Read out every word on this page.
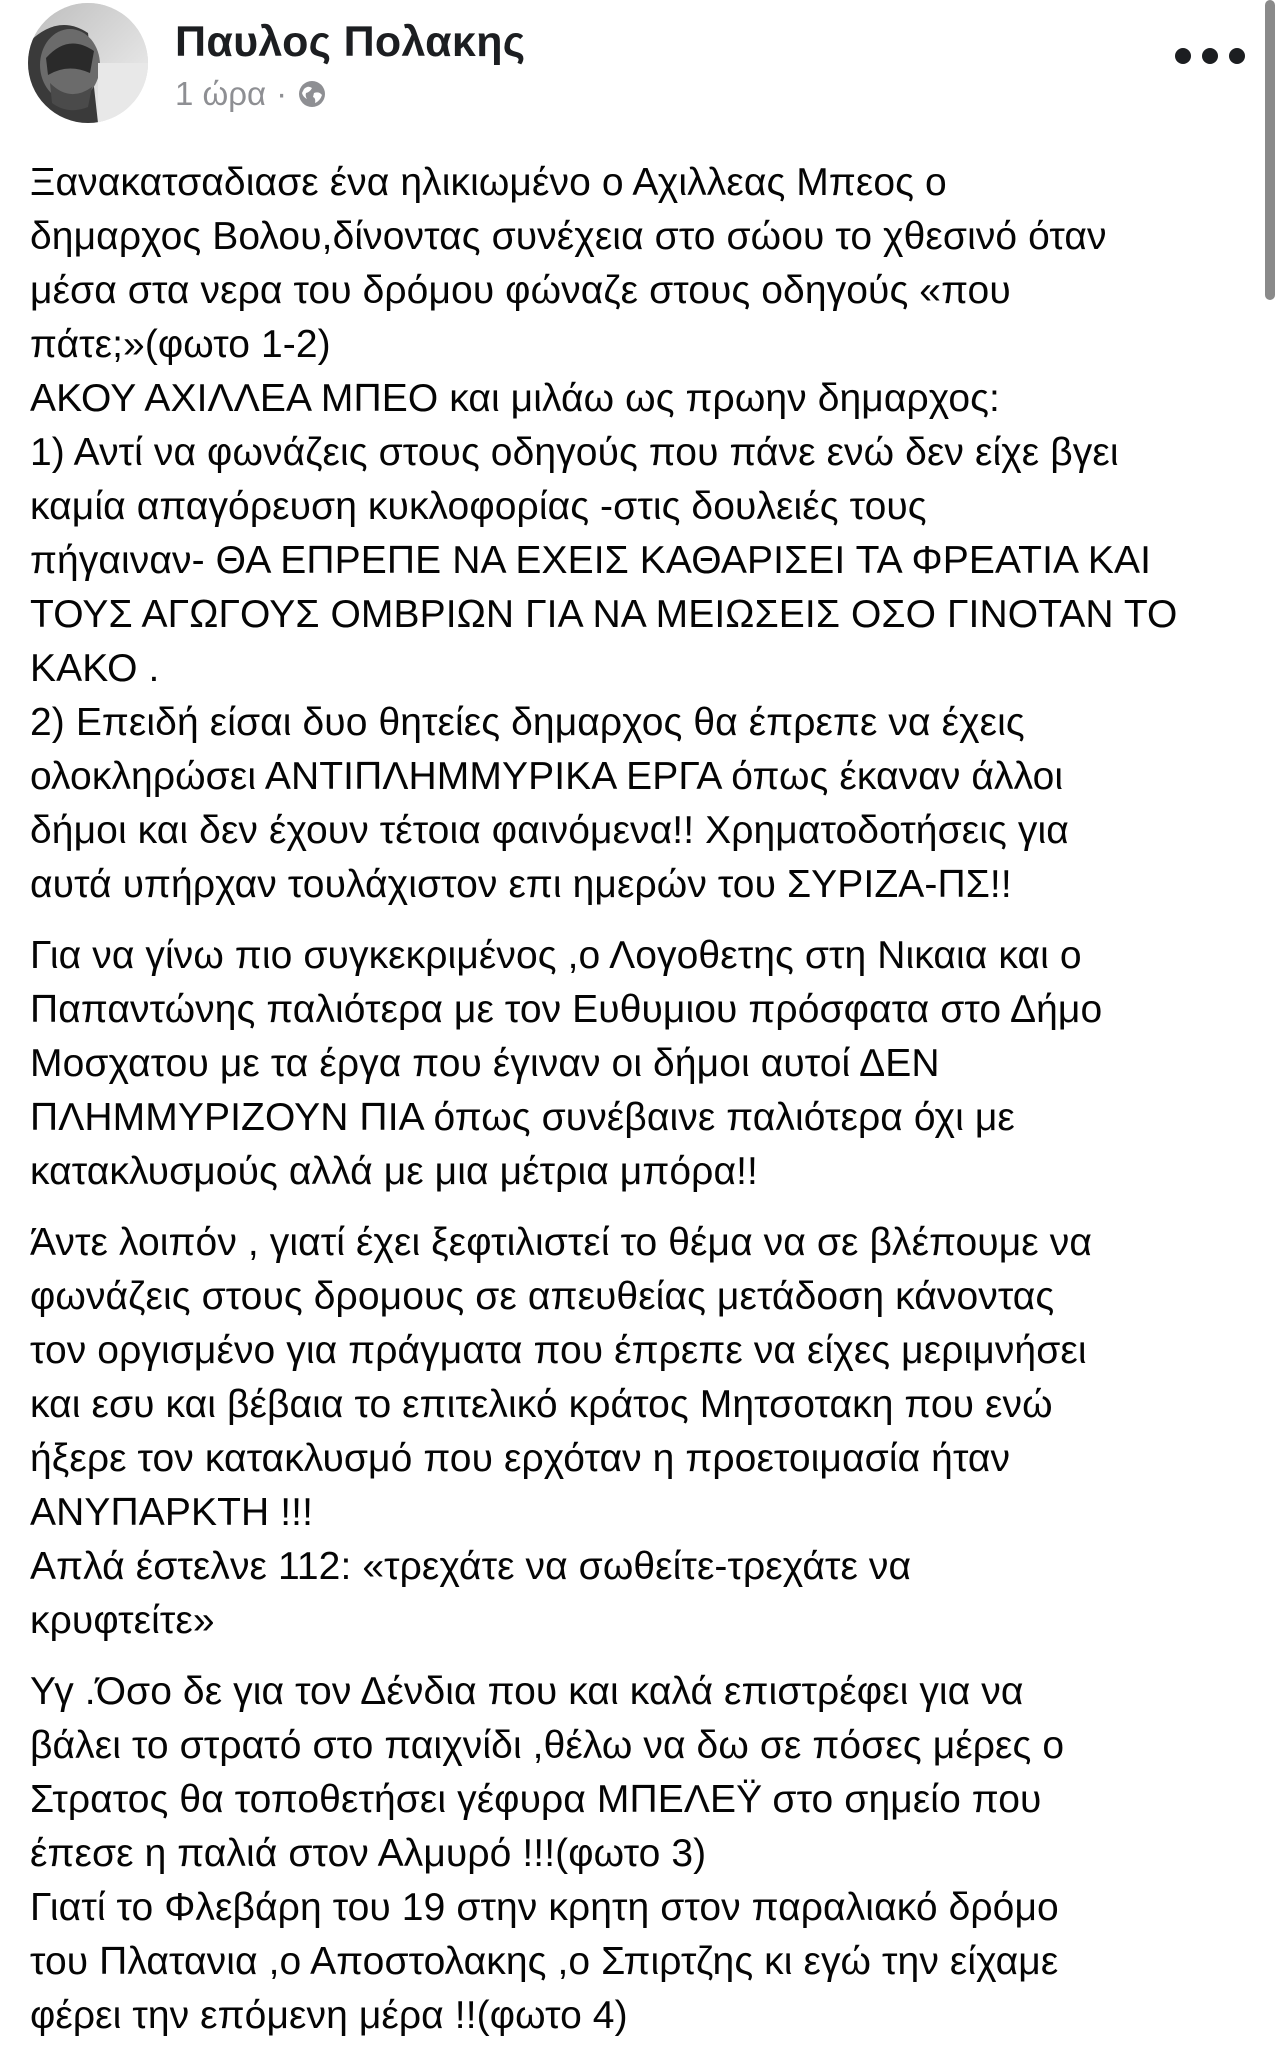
Παυλος Πολακης
1 ώρα ·

Ξανακατσαδιασε ένα ηλικιωμένο ο Αχιλλεας Μπεος ο
δημαρχος Βολου,δίνοντας συνέχεια στο σώου το χθεσινό όταν
μέσα στα νερα του δρόμου φώναζε στους οδηγούς «που
πάτε;»(φωτο 1-2)
ΑΚΟΥ ΑΧΙΛΛΕΑ ΜΠΕΟ και μιλάω ως πρωην δημαρχος:
1) Αντί να φωνάζεις στους οδηγούς που πάνε ενώ δεν είχε βγει
καμία απαγόρευση κυκλοφορίας -στις δουλειές τους
πήγαιναν- ΘΑ ΕΠΡΕΠΕ ΝΑ ΕΧΕΙΣ ΚΑΘΑΡΙΣΕΙ ΤΑ ΦΡΕΑΤΙΑ ΚΑΙ
ΤΟΥΣ ΑΓΩΓΟΥΣ ΟΜΒΡΙΩΝ ΓΙΑ ΝΑ ΜΕΙΩΣΕΙΣ ΟΣΟ ΓΙΝΟΤΑΝ ΤΟ
ΚΑΚΟ .
2) Επειδή είσαι δυο θητείες δημαρχος θα έπρεπε να έχεις
ολοκληρώσει ΑΝΤΙΠΛΗΜΜΥΡΙΚΑ ΕΡΓΑ όπως έκαναν άλλοι
δήμοι και δεν έχουν τέτοια φαινόμενα!! Χρηματοδοτήσεις για
αυτά υπήρχαν τουλάχιστον επι ημερών του ΣΥΡΙΖΑ-ΠΣ!!

Για να γίνω πιο συγκεκριμένος ,ο Λογοθετης στη Νικαια και ο
Παπαντώνης παλιότερα με τον Ευθυμιου πρόσφατα στο Δήμο
Μοσχατου με τα έργα που έγιναν οι δήμοι αυτοί ΔΕΝ
ΠΛΗΜΜΥΡΙΖΟΥΝ ΠΙΑ όπως συνέβαινε παλιότερα όχι με
κατακλυσμούς αλλά με μια μέτρια μπόρα!!

Άντε λοιπόν , γιατί έχει ξεφτιλιστεί το θέμα να σε βλέπουμε να
φωνάζεις στους δρομους σε απευθείας μετάδοση κάνοντας
τον οργισμένο για πράγματα που έπρεπε να είχες μεριμνήσει
και εσυ και βέβαια το επιτελικό κράτος Μητσοτακη που ενώ
ήξερε τον κατακλυσμό που ερχόταν η προετοιμασία ήταν
ΑΝΥΠΑΡΚΤΗ !!!
Απλά έστελνε 112: «τρεχάτε να σωθείτε-τρεχάτε να
κρυφτείτε»

Υγ .Όσο δε για τον Δένδια που και καλά επιστρέφει για να
βάλει το στρατό στο παιχνίδι ,θέλω να δω σε πόσες μέρες ο
Στρατος θα τοποθετήσει γέφυρα ΜΠΕΛΕΫ στο σημείο που
έπεσε η παλιά στον Αλμυρό !!!(φωτο 3)
Γιατί το Φλεβάρη του 19 στην κρητη στον παραλιακό δρόμο
του Πλατανια ,ο Αποστολακης ,ο Σπιρτζης κι εγώ την είχαμε
φέρει την επόμενη μέρα !!(φωτο 4)
